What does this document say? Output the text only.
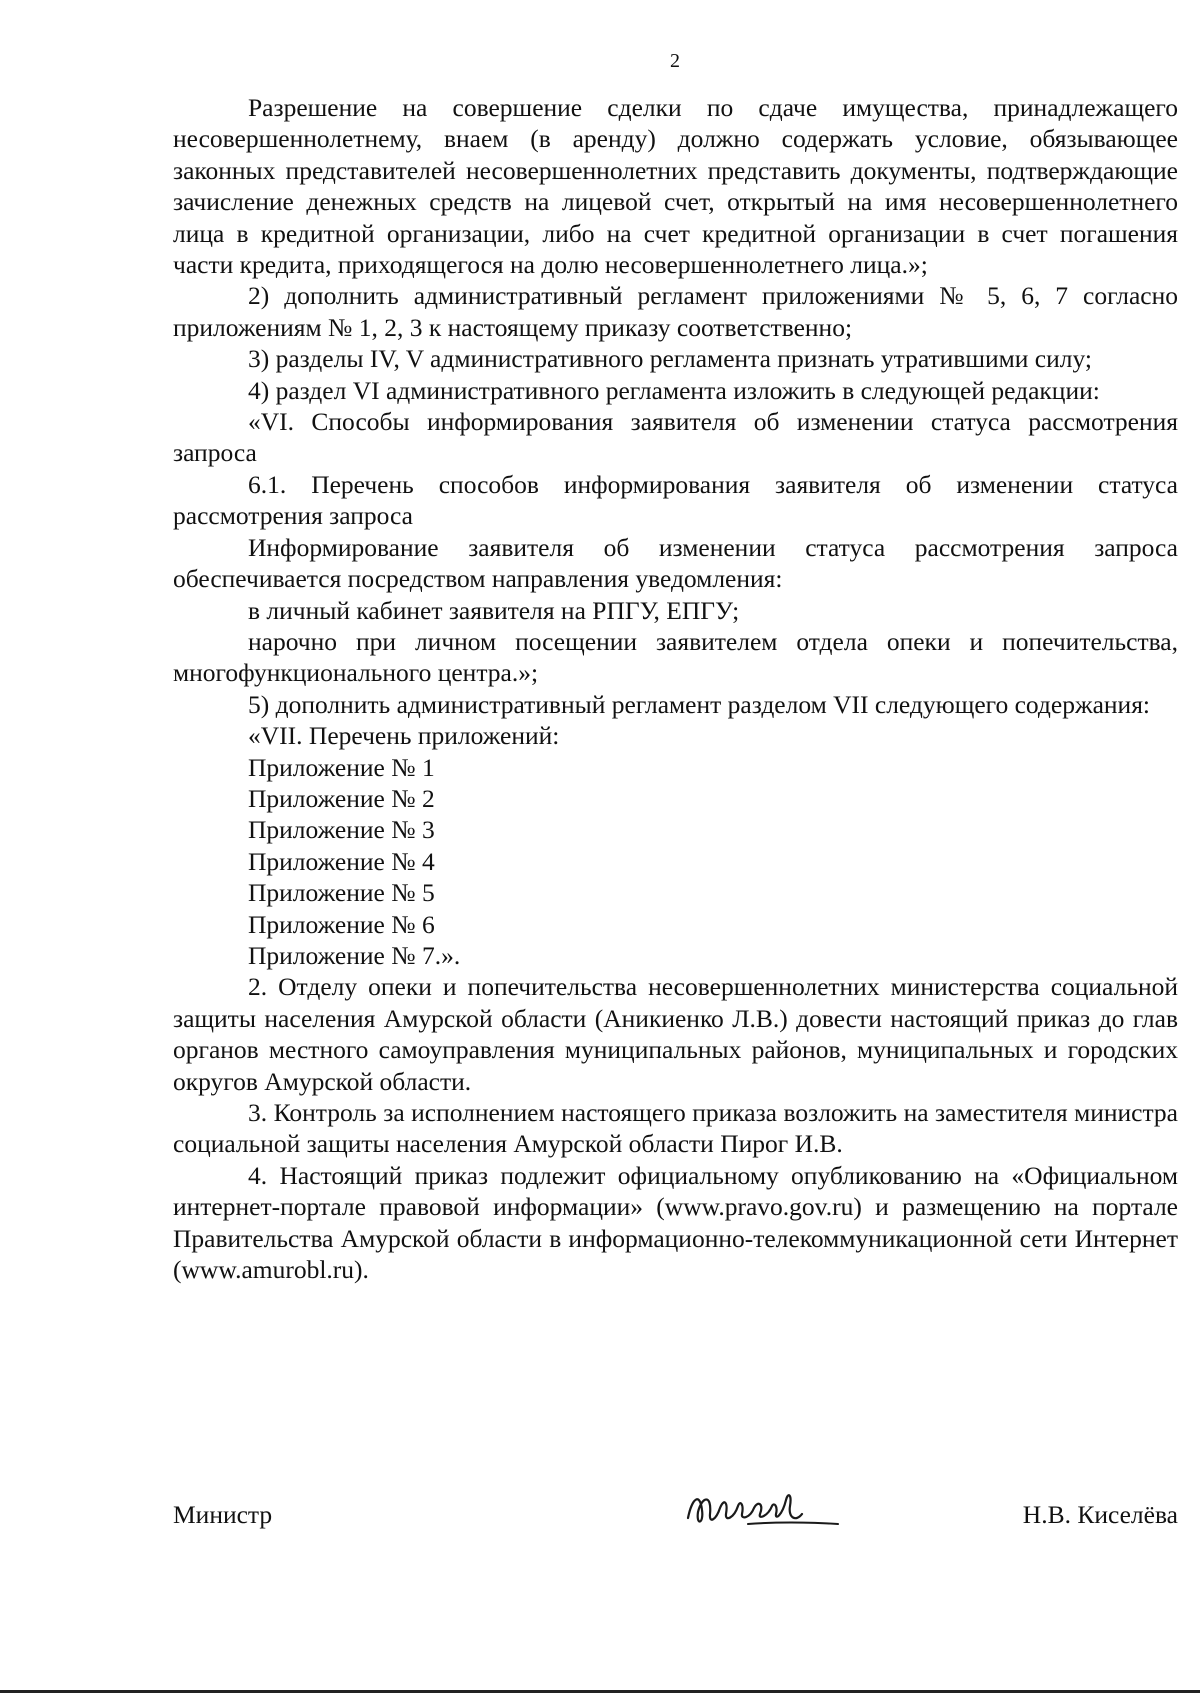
2

Разрешение на совершение сделки по сдаче имущества, принадлежащего несовершеннолетнему, внаем (в аренду) должно содержать условие, обязывающее законных представителей несовершеннолетних представить документы, подтверждающие зачисление денежных средств на лицевой счет, открытый на имя несовершеннолетнего лица в кредитной организации, либо на счет кредитной организации в счет погашения части кредита, приходящегося на долю несовершеннолетнего лица.»;

2) дополнить административный регламент приложениями № 5, 6, 7 согласно приложениям № 1, 2, 3 к настоящему приказу соответственно;

3) разделы IV, V административного регламента признать утратившими силу;

4) раздел VI административного регламента изложить в следующей редакции:

«VI. Способы информирования заявителя об изменении статуса рассмотрения запроса

6.1. Перечень способов информирования заявителя об изменении статуса рассмотрения запроса

Информирование заявителя об изменении статуса рассмотрения запроса обеспечивается посредством направления уведомления:

в личный кабинет заявителя на РПГУ, ЕПГУ;

нарочно при личном посещении заявителем отдела опеки и попечительства, многофункционального центра.»;

5) дополнить административный регламент разделом VII следующего содержания:

«VII. Перечень приложений:

Приложение № 1

Приложение № 2

Приложение № 3

Приложение № 4

Приложение № 5

Приложение № 6

Приложение № 7.».

2. Отделу опеки и попечительства несовершеннолетних министерства социальной защиты населения Амурской области (Аникиенко Л.В.) довести настоящий приказ до глав органов местного самоуправления муниципальных районов, муниципальных и городских округов Амурской области.

3. Контроль за исполнением настоящего приказа возложить на заместителя министра социальной защиты населения Амурской области Пирог И.В.

4. Настоящий приказ подлежит официальному опубликованию на «Официальном интернет-портале правовой информации» (www.pravo.gov.ru) и размещению на портале Правительства Амурской области в информационно-телекоммуникационной сети Интернет (www.amurobl.ru).

Министр	Н.В. Киселёва
